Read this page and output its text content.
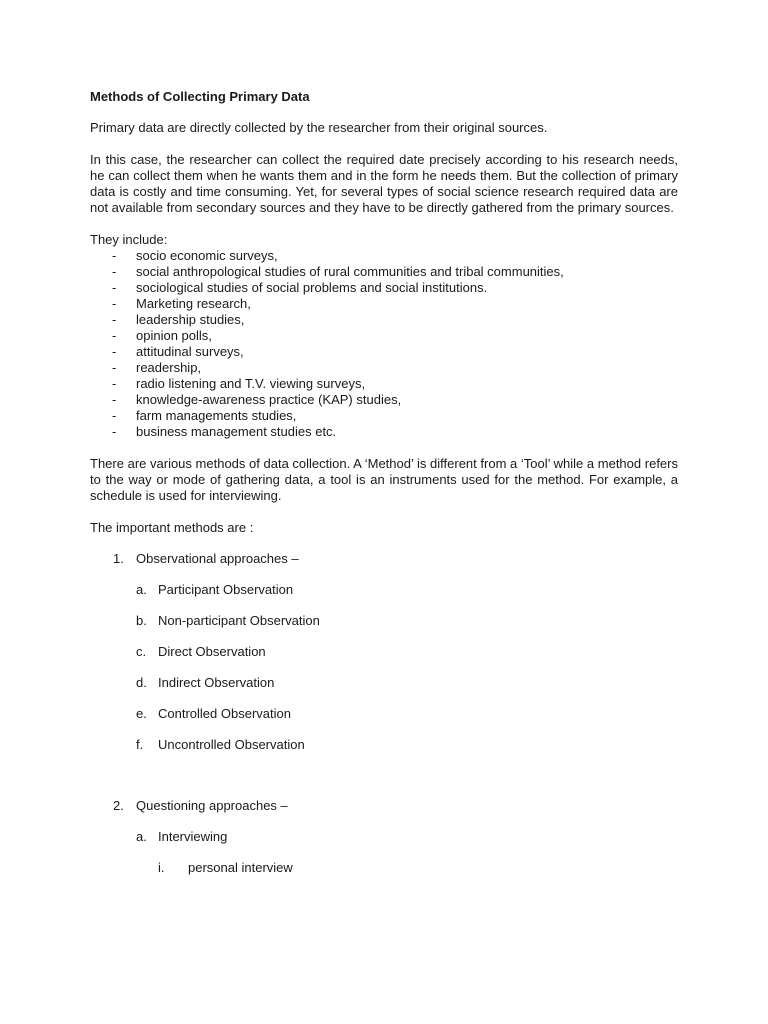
Methods of Collecting Primary Data
Primary data are directly collected by the researcher from their original sources.
In this case, the researcher can collect the required date precisely according to his research needs, he can collect them when he wants them and in the form he needs them. But the collection of primary data is costly and time consuming. Yet, for several types of social science research required data are not available from secondary sources and they have to be directly gathered from the primary sources.
They include:
- socio economic surveys,
- social anthropological studies of rural communities and tribal communities,
- sociological studies of social problems and social institutions.
- Marketing research,
- leadership studies,
- opinion polls,
- attitudinal surveys,
- readership,
- radio listening and T.V. viewing surveys,
- knowledge-awareness practice (KAP) studies,
- farm managements studies,
- business management studies etc.
There are various methods of data collection. A ‘Method’ is different from a ‘Tool’ while a method refers to the way or mode of gathering data, a tool is an instruments used for the method. For example, a schedule is used for interviewing.
The important methods are :
1. Observational approaches –
a. Participant Observation
b. Non-participant Observation
c. Direct Observation
d. Indirect Observation
e. Controlled Observation
f. Uncontrolled Observation
2. Questioning approaches –
a. Interviewing
i. personal interview
